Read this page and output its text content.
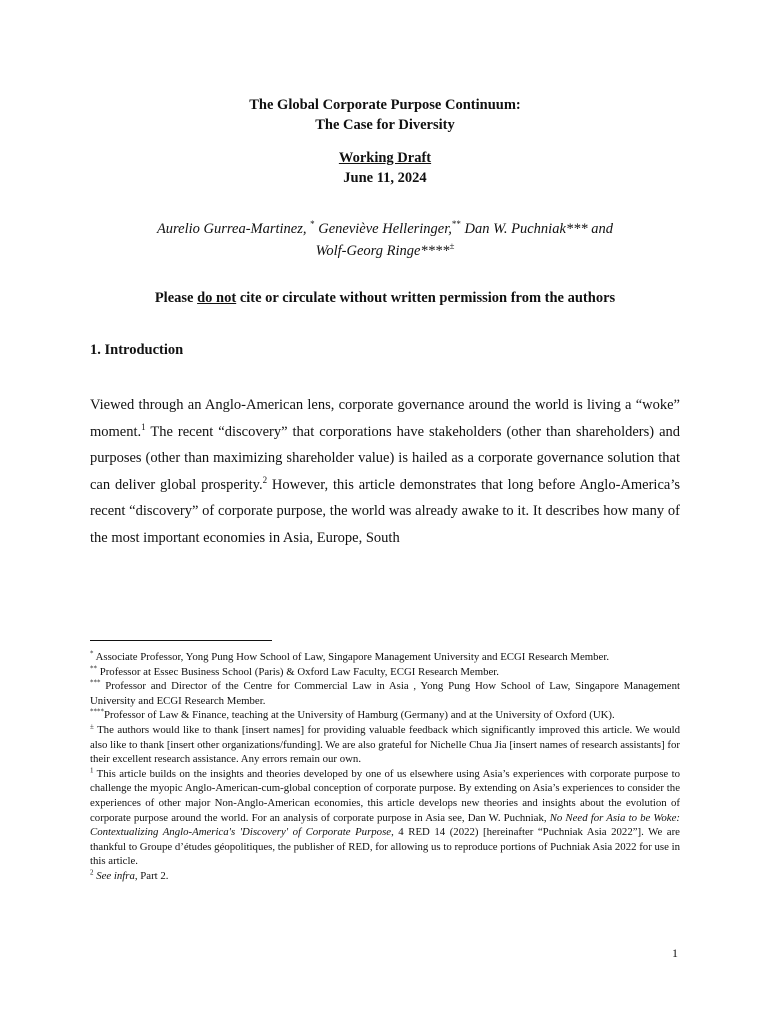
The Global Corporate Purpose Continuum:
The Case for Diversity
Working Draft
June 11, 2024
Aurelio Gurrea-Martinez, * Geneviève Helleringer,** Dan W. Puchniak*** and
Wolf-Georg Ringe****±
Please do not cite or circulate without written permission from the authors
1. Introduction
Viewed through an Anglo-American lens, corporate governance around the world is living a “woke” moment.$^1$ The recent “discovery” that corporations have stakeholders (other than shareholders) and purposes (other than maximizing shareholder value) is hailed as a corporate governance solution that can deliver global prosperity.$^2$ However, this article demonstrates that long before Anglo-America’s recent “discovery” of corporate purpose, the world was already awake to it. It describes how many of the most important economies in Asia, Europe, South

* Associate Professor, Yong Pung How School of Law, Singapore Management University and ECGI Research Member.

** Professor at Essec Business School (Paris) & Oxford Law Faculty, ECGI Research Member.

*** Professor and Director of the Centre for Commercial Law in Asia , Yong Pung How School of Law, Singapore Management University and ECGI Research Member.

****Professor of Law & Finance, teaching at the University of Hamburg (Germany) and at the University of Oxford (UK).

± The authors would like to thank [insert names] for providing valuable feedback which significantly improved this article. We would also like to thank [insert other organizations/funding]. We are also grateful for Nichelle Chua Jia [insert names of research assistants] for their excellent research assistance. Any errors remain our own.

$^1$ This article builds on the insights and theories developed by one of us elsewhere using Asia’s experiences with corporate purpose to challenge the myopic Anglo-American-cum-global conception of corporate purpose. By extending on Asia’s experiences to consider the experiences of other major Non-Anglo-American economies, this article develops new theories and insights about the evolution of corporate purpose around the world. For an analysis of corporate purpose in Asia see, Dan W. Puchniak, No Need for Asia to be Woke: Contextualizing Anglo-America's 'Discovery' of Corporate Purpose, 4 RED 14 (2022) [hereinafter “Puchniak Asia 2022”]. We are thankful to Groupe d’études géopolitiques, the publisher of RED, for allowing us to reproduce portions of Puchniak Asia 2022 for use in this article.

$^2$ See infra, Part 2.

1
